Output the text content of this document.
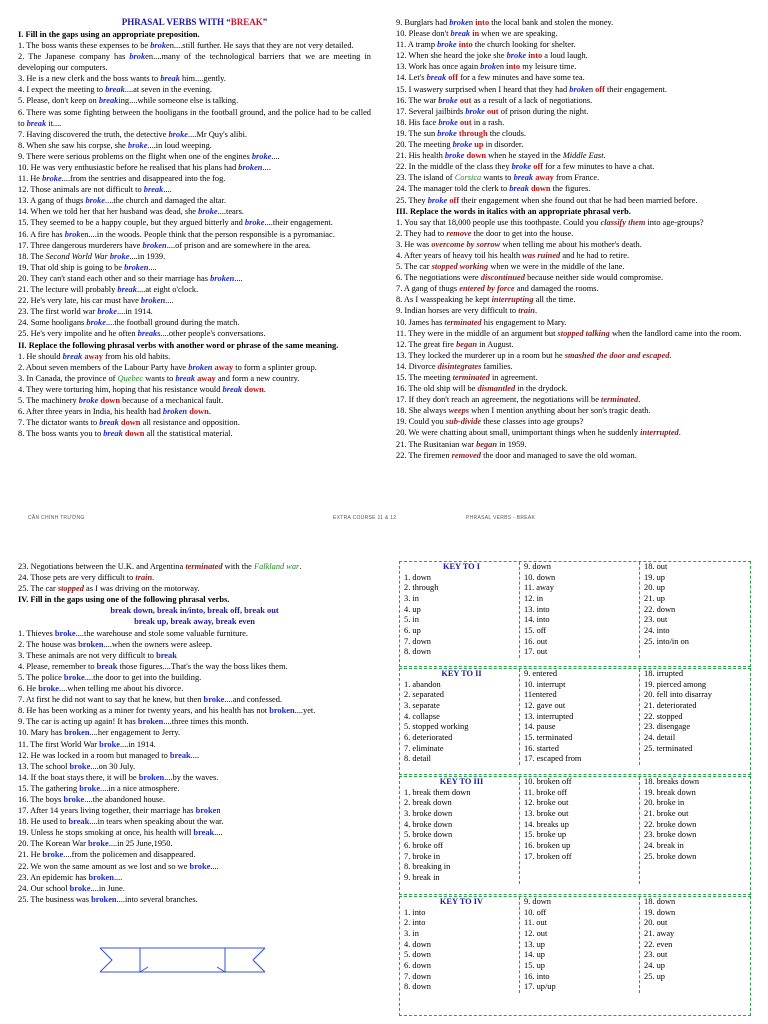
PHRASAL VERBS WITH “BREAK”

I. Fill in the gaps using an appropriate preposition.

1. The boss wants these expenses to be broken....still further. He says that they are not very detailed.

2. The Japanese company has broken....many of the technological barriers that we are meeting in developing our computers.

3. He is a new clerk and the boss wants to break him....gently.

4. I expect the meeting to break....at seven in the evening.

5. Please, don't keep on breaking....while someone else is talking.

6. There was some fighting between the hooligans in the football ground, and the police had to be called to break it....

7. Having discovered the truth, the detective broke....Mr Quy's alibi.

8. When she saw his corpse, she broke....in loud weeping.

9. There were serious problems on the flight when one of the engines broke....

10. He was very enthusiastic before he realised that his plans had broken....

11. He broke....from the sentries and disappeared into the fog.

12. Those animals are not difficult to break....

13. A gang of thugs broke....the church and damaged the altar.

14. When we told her that her husband was dead, she broke....tears.

15. They seemed to be a happy couple, but they argued bitterly and broke....their engagement.

16. A fire has broken....in the woods. People think that the person responsible is a pyromaniac.

17. Three dangerous murderers have broken....of prison and are somewhere in the area.

18. The Second World War broke....in 1939.

19. That old ship is going to be broken....

20. They can't stand each other and so their marriage has broken....

21. The lecture will probably break....at eight o'clock.

22. He's very late, his car must have broken....

23. The first world war broke....in 1914.

24. Some hooligans broke....the football ground during the match.

25. He's very impolite and he often breaks....other people's conversations.

II. Replace the following phrasal verbs with another word or phrase of the same meaning.

1. He should break away from his old habits.

2. About seven members of the Labour Party have broken away to form a splinter group.

3. In Canada, the province of Quebec wants to break away and form a new country.

4. They were torturing him, hoping that his resistance would break down.

5. The machinery broke down because of a mechanical fault.

6. After three years in India, his health had broken down.

7. The dictator wants to break down all resistance and opposition.

8. The boss wants you to break down all the statistical material.

9. Burglars had broken into the local bank and stolen the money.

10. Please don't break in when we are speaking.

11. A tramp broke into the church looking for shelter.

12. When she heard the joke she broke into a loud laugh.

13. Work has once again broken into my leisure time.

14. Let's break off for a few minutes and have some tea.

15. I waswery surprised when I heard that they had broken off their engagement.

16. The war broke out as a result of a lack of negotiations.

17. Several jailbirds broke out of prison during the night.

18. His face broke out in a rash.

19. The sun broke through the clouds.

20. The meeting broke up in disorder.

21. His health broke down when he stayed in the Middle East.

22. In the middle of the class they broke off for a few minutes to have a chat.

23. The island of Corsica wants to break away from France.

24. The manager told the clerk to break down the figures.

25. They broke off their engagement when she found out that he had been married before.

III. Replace the words in italics with an appropriate phrasal verb.

1. You say that 18,000 people use this toothpaste. Could you classify them into age-groups?

2. They had to remove the door to get into the house.

3. He was overcome by sorrow when telling me about his mother's death.

4. After years of heavy toil his health was ruined and he had to retire.

5. The car stopped working when we were in the middle of the lane.

6. The negotiations were discontinued because neither side would compromise.

7. A gang of thugs entered by force and damaged the rooms.

8. As I wasspeaking he kept interrupting all the time.

9. Indian horses are very difficult to train.

10. James has terminated his engagement to Mary.

11. They were in the middle of an argument but stopped talking when the landlord came into the room.

12. The great fire began in August.

13. They locked the murderer up in a room but he smashed the door and escaped.

14. Divorce disintegrates families.

15. The meeting terminated in agreement.

16. The old ship will be dismantled in the drydock.

17. If they don't reach an agreement, the negotiations will be terminated.

18. She always weeps when I mention anything about her son's tragic death.

19. Could you sub-divide these classes into age groups?

20. We were chatting about small, unimportant things when he suddenly interrupted.

21. The Rusitanian war began in 1959.

22. The firemen removed the door and managed to save the old woman.

CẦN CHÍNH TRƯỜNG	EXTRA COURSE 11 & 12	PHRASAL VERBS - BREAK

23. Negotiations between the U.K. and Argentina terminated with the Falkland war.

24. Those pets are very difficult to train.

25. The car stopped as I was driving on the motorway.

IV. Fill in the gaps using one of the following phrasal verbs.

break down, break in/into, break off, break out

break up, break away, break even

1. Thieves broke....the warehouse and stole some valuable furniture.

2. The house was broken....when the owners were asleep.

3. These animals are not very difficult to break

4. Please, remember to break those figures....That's the way the boss likes them.

5. The police broke....the door to get into the building.

6. He broke....when telling me about his divorce.

7. At first he did not want to say that he knew, but then broke....and confessed.

8. He has been working as a miner for twenty years, and his health has not broken....yet.

9. The car is acting up again! It has broken....three times this month.

10. Mary has broken....her engagement to Jerry.

11. The first World War broke....in 1914.

12. He was locked in a room but managed to break....

13. The school broke....on 30 July.

14. If the boat stays there, it will be broken....by the waves.

15. The gathering broke....in a nice atmosphere.

16. The boys broke....the abandoned house.

17. After 14 years living together, their marriage has broken

18. He used to break....in tears when speaking about the war.

19. Unless he stops smoking at once, his health will break....

20. The Korean War broke....in 25 June,1950.

21. He broke....from the policemen and disappeared.

22. We won the same amount as we lost and so we broke....

23. An epidemic has broken....

24. Our school broke....in June.

25. The business was broken....into several branches.

KEY TO I
1. down
2. through
3. in
4. up
5. in
6. up
7. down
8. down
9. down
10. down
11. away
12. in
13. into
14. into
15. off
16. out
17. out
18. out
19. up
20. up
21. up
22. down
23. out
24. into
25. into/in on
KEY TO II
1. abandon
2. separated
3. separate
4. collapse
5. stopped working
6. deteriorated
7. eliminate
8. detail
9. entered
10. interrupt
11entered
12. gave out
13. interrupted
14. pause
15. terminated
16. started
17. escaped from
18. irrupted
19. pierced among
20. fell into disarray
21. deteriorated
22. stopped
23. disengage
24. detail
25. terminated
KEY TO III
1. break them down
2. break down
3. broke down
4. broke down
5. broke down
6. broke off
7. broke in
8. breaking in
9. break in
10. broken off
11. broke off
12. broke out
13. broke out
14. breaks up
15. broke up
16. broken up
17. broken off
18. breaks down
19. break down
20. broke in
21. broke out
22. broke down
23. broke down
24. break in
25. broke down
KEY TO IV
1. into
2. into
3. in
4. down
5. down
6. down
7. down
8. down
9. down
10. off
11. out
12. out
13. up
14. up
15. up
16. into
17. up/up
18. down
19. down
20. out
21. away
22. even
23. out
24. up
25. up
